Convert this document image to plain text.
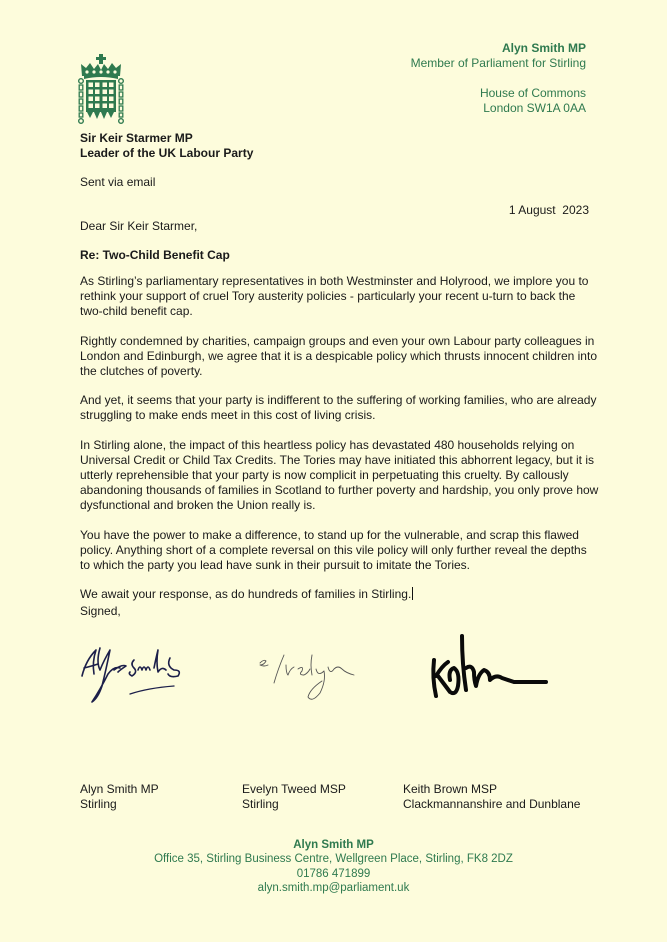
Alyn Smith MP
Member of Parliament for Stirling
House of Commons
London SW1A 0AA
Sir Keir Starmer MP
Leader of the UK Labour Party
Sent via email
1 August  2023
Dear Sir Keir Starmer,
Re: Two-Child Benefit Cap

As Stirling’s parliamentary representatives in both Westminster and Holyrood, we implore you to rethink your support of cruel Tory austerity policies - particularly your recent u-turn to back the two-child benefit cap.

Rightly condemned by charities, campaign groups and even your own Labour party colleagues in London and Edinburgh, we agree that it is a despicable policy which thrusts innocent children into the clutches of poverty.

And yet, it seems that your party is indifferent to the suffering of working families, who are already struggling to make ends meet in this cost of living crisis.

In Stirling alone, the impact of this heartless policy has devastated 480 households relying on Universal Credit or Child Tax Credits. The Tories may have initiated this abhorrent legacy, but it is utterly reprehensible that your party is now complicit in perpetuating this cruelty. By callously abandoning thousands of families in Scotland to further poverty and hardship, you only prove how dysfunctional and broken the Union really is.

You have the power to make a difference, to stand up for the vulnerable, and scrap this flawed policy. Anything short of a complete reversal on this vile policy will only further reveal the depths to which the party you lead have sunk in their pursuit to imitate the Tories.

We await your response, as do hundreds of families in Stirling.

Signed,
Alyn Smith MP
Stirling
Evelyn Tweed MSP
Stirling
Keith Brown MSP
Clackmannanshire and Dunblane
Alyn Smith MP
Office 35, Stirling Business Centre, Wellgreen Place, Stirling, FK8 2DZ
01786 471899
alyn.smith.mp@parliament.uk
